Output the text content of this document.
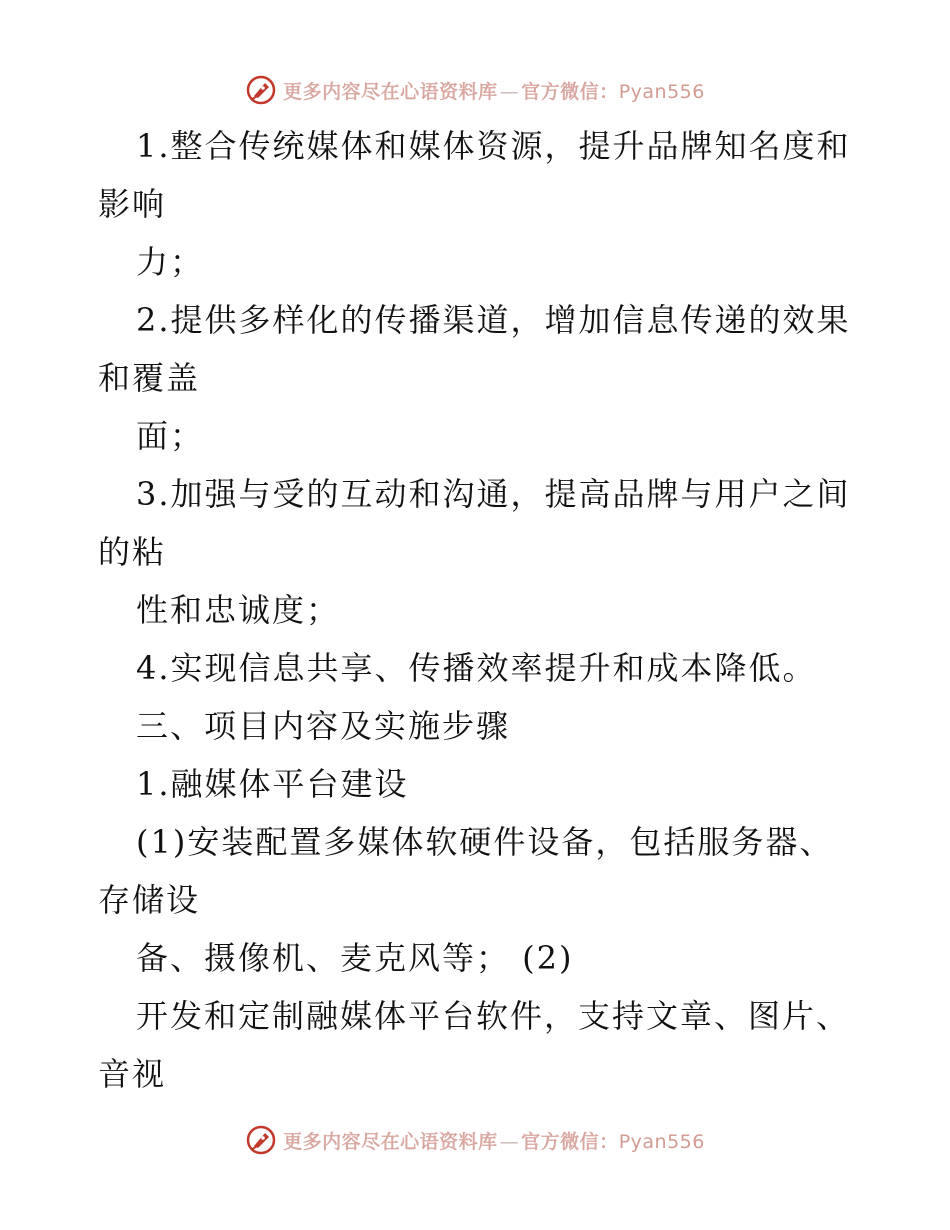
更多内容尽在心语资料库 — 官方微信：Pyan556
1.整合传统媒体和媒体资源，提升品牌知名度和
影响
力；
2.提供多样化的传播渠道，增加信息传递的效果
和覆盖
面；
3.加强与受的互动和沟通，提高品牌与用户之间
的粘
性和忠诚度；
4.实现信息共享、传播效率提升和成本降低。
三、项目内容及实施步骤
1.融媒体平台建设
(1)安装配置多媒体软硬件设备，包括服务器、
存储设
备、摄像机、麦克风等； (2)
开发和定制融媒体平台软件，支持文章、图片、
音视
更多内容尽在心语资料库 — 官方微信：Pyan556
